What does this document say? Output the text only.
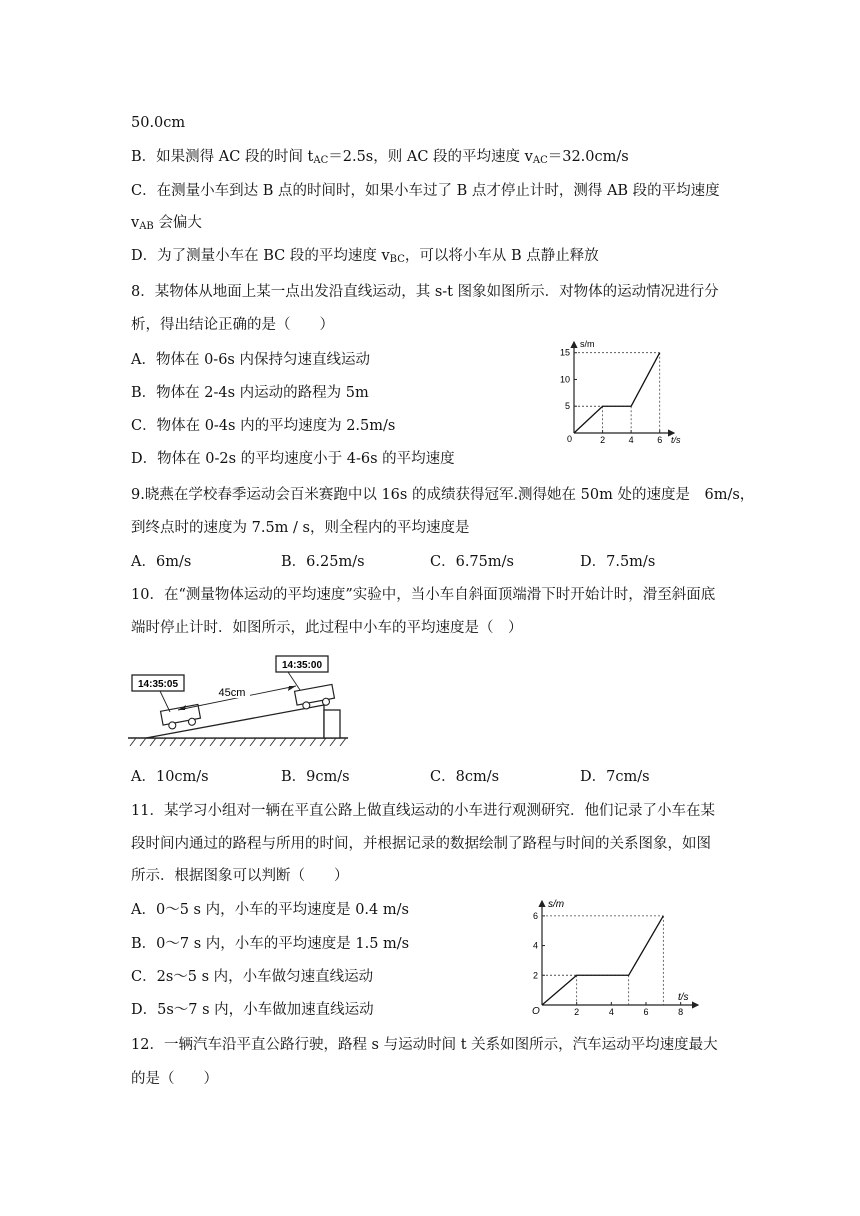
50.0cm
B．如果测得 AC 段的时间 $t_{AC}=2.5s$，则 AC 段的平均速度 $v_{AC}=32.0cm/s$
C．在测量小车到达 B 点的时间时，如果小车过了 B 点才停止计时，测得 AB 段的平均速度
$v_{AB}$ 会偏大
D．为了测量小车在 BC 段的平均速度 $v_{BC}$，可以将小车从 B 点静止释放
8．某物体从地面上某一点出发沿直线运动，其 s-t 图象如图所示．对物体的运动情况进行分
析，得出结论正确的是（　　）
A．物体在 0-6s 内保持匀速直线运动
B．物体在 2-4s 内运动的路程为 5m
C．物体在 0-4s 内的平均速度为 2.5m/s
D．物体在 0-2s 的平均速度小于 4-6s 的平均速度
s/m
t/s
0	2	4	6
5
10
15
9.晓燕在学校春季运动会百米赛跑中以 16s 的成绩获得冠军.测得她在 50m 处的速度是　6m/s，
到终点时的速度为 7.5m / s，则全程内的平均速度是
A．6m/s	B．6.25m/s	C．6.75m/s	D．7.5m/s
10．在“测量物体运动的平均速度”实验中，当小车自斜面顶端滑下时开始计时，滑至斜面底
端时停止计时．如图所示，此过程中小车的平均速度是（　）
14:35:05
14:35:00
45cm
A．10cm/s	B．9cm/s	C．8cm/s	D．7cm/s
11．某学习小组对一辆在平直公路上做直线运动的小车进行观测研究．他们记录了小车在某
段时间内通过的路程与所用的时间，并根据记录的数据绘制了路程与时间的关系图象，如图
所示．根据图象可以判断（　　）
A．0～5 s 内，小车的平均速度是 0.4 m/s
B．0～7 s 内，小车的平均速度是 1.5 m/s
C．2s～5 s 内，小车做匀速直线运动
D．5s～7 s 内，小车做加速直线运动
s/m
t/s
O	2	4	6	8
2
4
6
12．一辆汽车沿平直公路行驶，路程 s 与运动时间 t 关系如图所示，汽车运动平均速度最大
的是（　　）
